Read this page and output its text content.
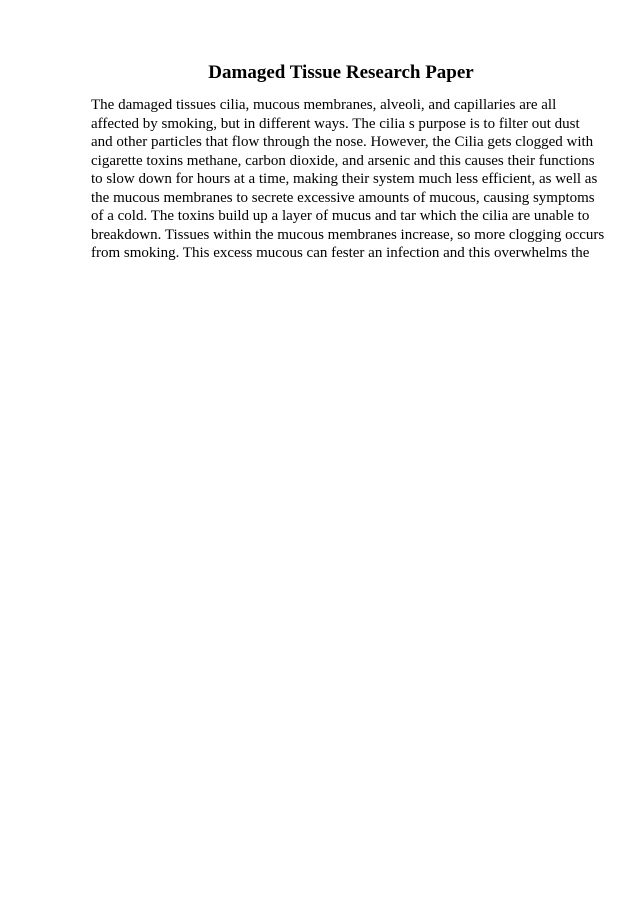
Damaged Tissue Research Paper
The damaged tissues cilia, mucous membranes, alveoli, and capillaries are all
affected by smoking, but in different ways. The cilia s purpose is to filter out dust
and other particles that flow through the nose. However, the Cilia gets clogged with
cigarette toxins methane, carbon dioxide, and arsenic and this causes their functions
to slow down for hours at a time, making their system much less efficient, as well as
the mucous membranes to secrete excessive amounts of mucous, causing symptoms
of a cold. The toxins build up a layer of mucus and tar which the cilia are unable to
breakdown. Tissues within the mucous membranes increase, so more clogging occurs
from smoking. This excess mucous can fester an infection and this overwhelms the
